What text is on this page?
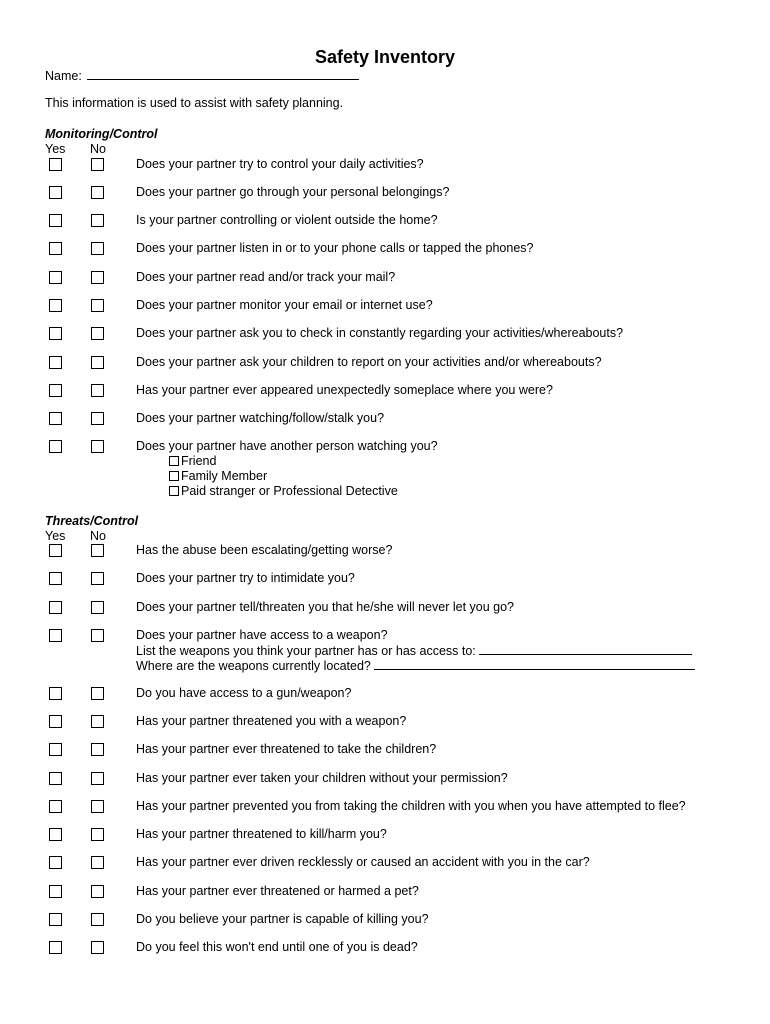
Safety Inventory
Name:
This information is used to assist with safety planning.
Monitoring/Control
Yes No
Does your partner try to control your daily activities?
Does your partner go through your personal belongings?
Is your partner controlling or violent outside the home?
Does your partner listen in or to your phone calls or tapped the phones?
Does your partner read and/or track your mail?
Does your partner monitor your email or internet use?
Does your partner ask you to check in constantly regarding your activities/whereabouts?
Does your partner ask your children to report on your activities and/or whereabouts?
Has your partner ever appeared unexpectedly someplace where you were?
Does your partner watching/follow/stalk you?
Does your partner have another person watching you?
Friend
Family Member
Paid stranger or Professional Detective
Threats/Control
Yes No
Has the abuse been escalating/getting worse?
Does your partner try to intimidate you?
Does your partner tell/threaten you that he/she will never let you go?
Does your partner have access to a weapon?
Do you have access to a gun/weapon?
Has your partner threatened you with a weapon?
Has your partner ever threatened to take the children?
Has your partner ever taken your children without your permission?
Has your partner prevented you from taking the children with you when you have attempted to flee?
Has your partner threatened to kill/harm you?
Has your partner ever driven recklessly or caused an accident with you in the car?
Has your partner ever threatened or harmed a pet?
Do you believe your partner is capable of killing you?
Do you feel this won't end until one of you is dead?
List the weapons you think your partner has or has access to:
Where are the weapons currently located?
